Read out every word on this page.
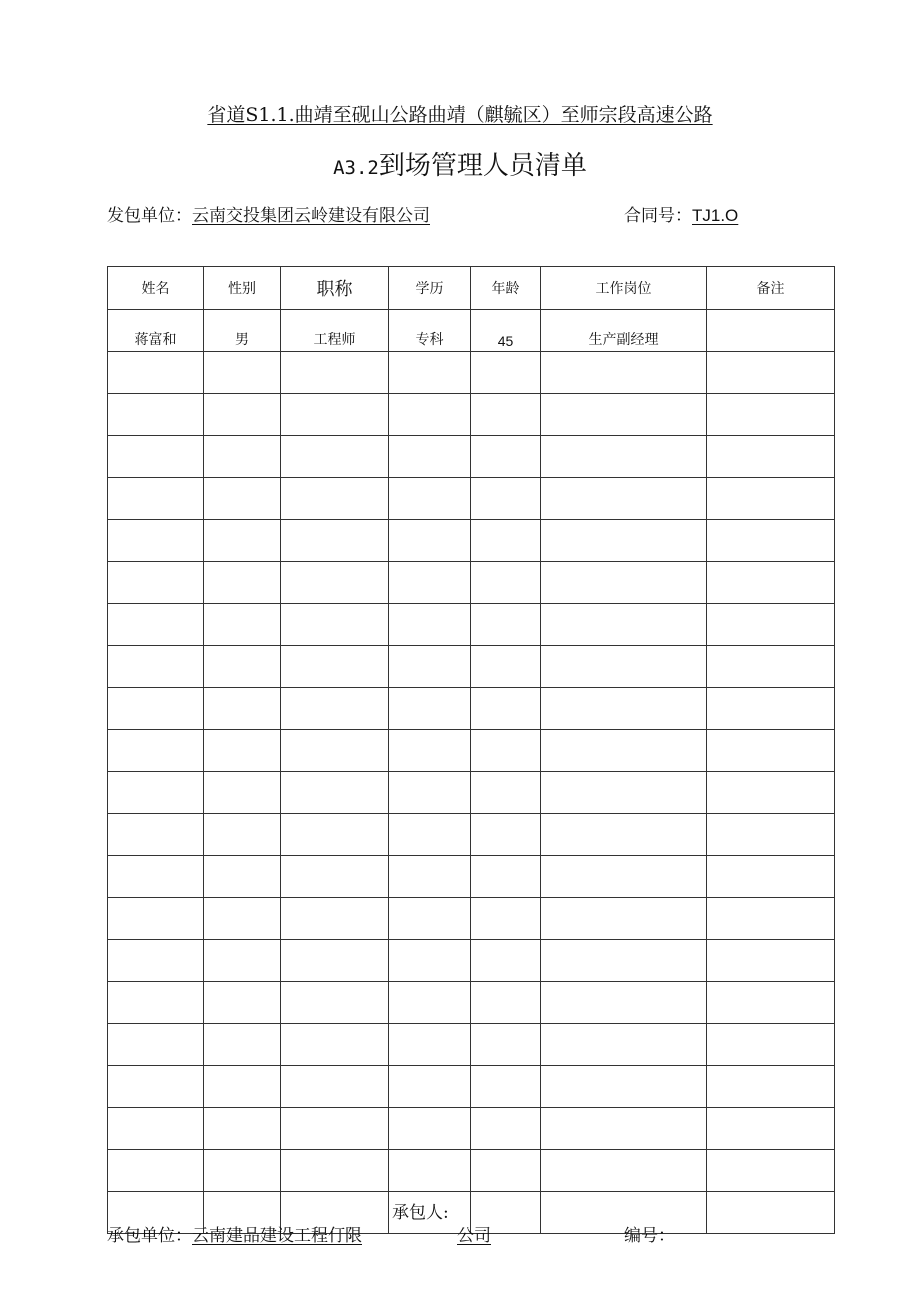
省道S1.1.曲靖至砚山公路曲靖（麒毓区）至师宗段高速公路
A3.2到场管理人员清单
发包单位：云南交投集团云岭建设有限公司	合同号：TJ1.O
姓名	性别	职称	学历	年龄	工作岗位	备注
蒋富和	男	工程师	专科	45	生产副经理	

承包人:
承包单位：云南建品建设工程仃限	公司	编号：
